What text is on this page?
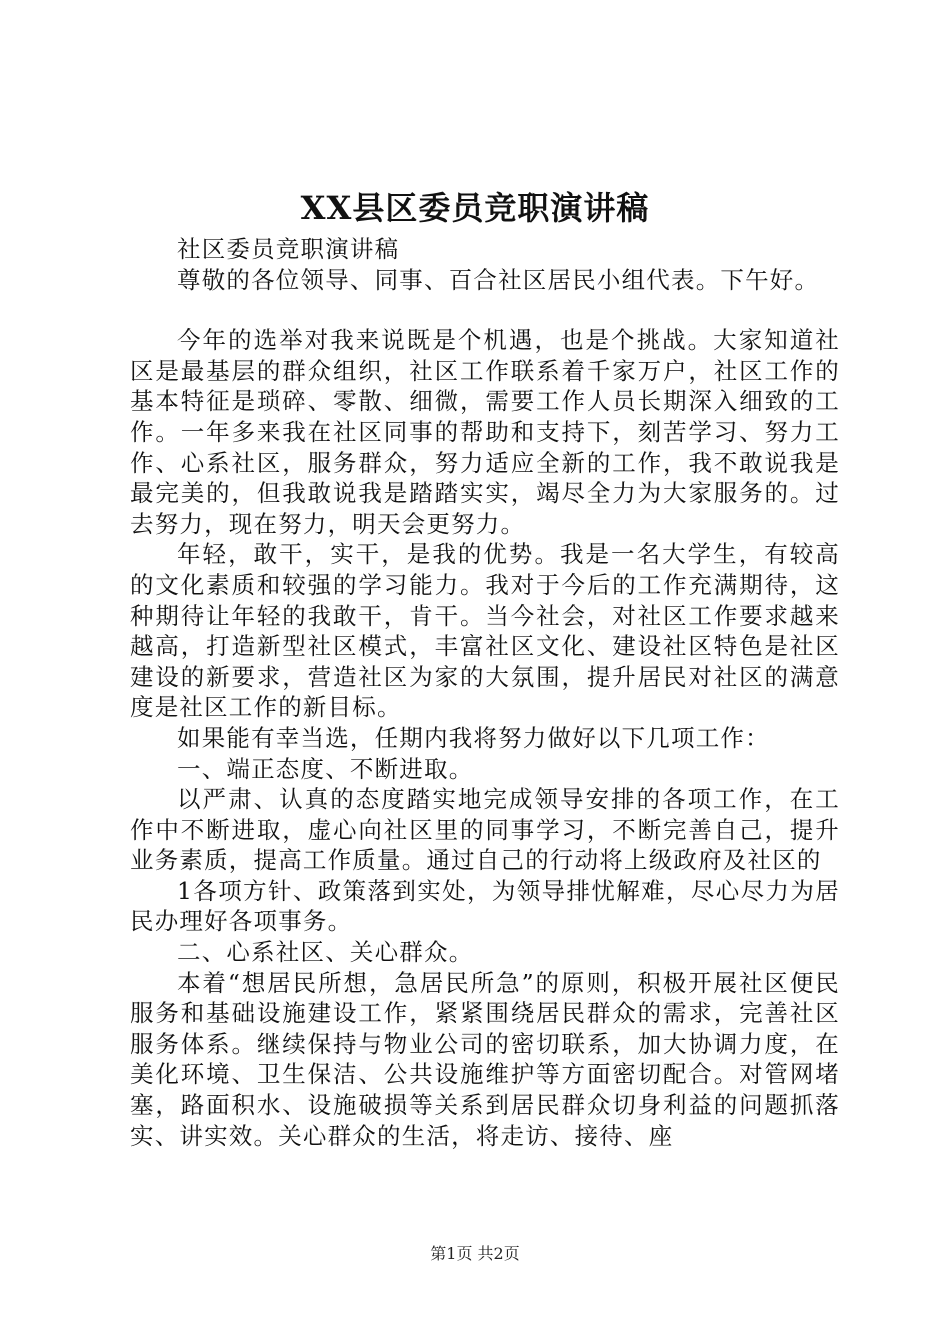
XX县区委员竞职演讲稿

社区委员竞职演讲稿

尊敬的各位领导、同事、百合社区居民小组代表。下午好。

今年的选举对我来说既是个机遇，也是个挑战。大家知道社区是最基层的群众组织，社区工作联系着千家万户，社区工作的基本特征是琐碎、零散、细微，需要工作人员长期深入细致的工作。一年多来我在社区同事的帮助和支持下，刻苦学习、努力工作、心系社区，服务群众，努力适应全新的工作，我不敢说我是最完美的，但我敢说我是踏踏实实，竭尽全力为大家服务的。过去努力，现在努力，明天会更努力。

年轻，敢干，实干，是我的优势。我是一名大学生，有较高的文化素质和较强的学习能力。我对于今后的工作充满期待，这种期待让年轻的我敢干，肯干。当今社会，对社区工作要求越来越高，打造新型社区模式，丰富社区文化、建设社区特色是社区建设的新要求，营造社区为家的大氛围，提升居民对社区的满意度是社区工作的新目标。

如果能有幸当选，任期内我将努力做好以下几项工作：

一、端正态度、不断进取。

以严肃、认真的态度踏实地完成领导安排的各项工作，在工作中不断进取，虚心向社区里的同事学习，不断完善自己，提升业务素质，提高工作质量。通过自己的行动将上级政府及社区的

1各项方针、政策落到实处，为领导排忧解难，尽心尽力为居民办理好各项事务。

二、心系社区、关心群众。

本着“想居民所想，急居民所急”的原则，积极开展社区便民服务和基础设施建设工作，紧紧围绕居民群众的需求，完善社区服务体系。继续保持与物业公司的密切联系，加大协调力度，在美化环境、卫生保洁、公共设施维护等方面密切配合。对管网堵塞，路面积水、设施破损等关系到居民群众切身利益的问题抓落实、讲实效。关心群众的生活，将走访、接待、座

第1页 共2页
